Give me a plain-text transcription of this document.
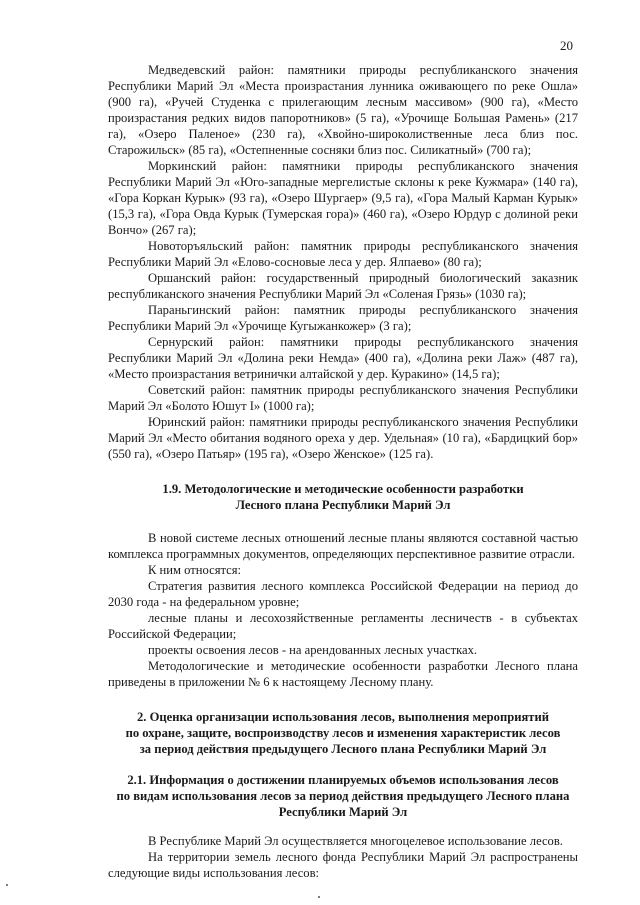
20

Медведевский район: памятники природы республиканского значения Республики Марий Эл «Места произрастания лунника оживающего по реке Ошла» (900 га), «Ручей Студенка с прилегающим лесным массивом» (900 га), «Место произрастания редких видов папоротников» (5 га), «Урочище Большая Рамень» (217 га), «Озеро Паленое» (230 га), «Хвойно-широколиственные леса близ пос. Старожильск» (85 га), «Остепненные сосняки близ пос. Силикатный» (700 га);

Моркинский район: памятники природы республиканского значения Республики Марий Эл «Юго-западные мергелистые склоны к реке Кужмара» (140 га), «Гора Коркан Курык» (93 га), «Озеро Шургаер» (9,5 га), «Гора Малый Карман Курык» (15,3 га), «Гора Овда Курык (Тумерская гора)» (460 га), «Озеро Юрдур с долиной реки Вончо» (267 га);

Новоторъяльский район: памятник природы республиканского значения Республики Марий Эл «Елово-сосновые леса у дер. Ялпаево» (80 га);

Оршанский район: государственный природный биологический заказник республиканского значения Республики Марий Эл «Соленая Грязь» (1030 га);

Параньгинский район: памятник природы республиканского значения Республики Марий Эл «Урочище Кугыжанкожер» (3 га);

Сернурский район: памятники природы республиканского значения Республики Марий Эл «Долина реки Немда» (400 га), «Долина реки Лаж» (487 га), «Место произрастания ветринички алтайской у дер. Куракино» (14,5 га);

Советский район: памятник природы республиканского значения Республики Марий Эл «Болото Юшут I» (1000 га);

Юринский район: памятники природы республиканского значения Республики Марий Эл «Место обитания водяного ореха у дер. Удельная» (10 га), «Бардицкий бор» (550 га), «Озеро Патьяр» (195 га), «Озеро Женское» (125 га).

1.9. Методологические и методические особенности разработки

Лесного плана Республики Марий Эл

В новой системе лесных отношений лесные планы являются составной частью комплекса программных документов, определяющих перспективное развитие отрасли.

К ним относятся:

Стратегия развития лесного комплекса Российской Федерации на период до 2030 года - на федеральном уровне;

лесные планы и лесохозяйственные регламенты лесничеств - в субъектах Российской Федерации;

проекты освоения лесов - на арендованных лесных участках.

Методологические и методические особенности разработки Лесного плана приведены в приложении № 6 к настоящему Лесному плану.

2. Оценка организации использования лесов, выполнения мероприятий

по охране, защите, воспроизводству лесов и изменения характеристик лесов

за период действия предыдущего Лесного плана Республики Марий Эл

2.1. Информация о достижении планируемых объемов использования лесов

по видам использования лесов за период действия предыдущего Лесного плана

Республики Марий Эл

В Республике Марий Эл осуществляется многоцелевое использование лесов.

На территории земель лесного фонда Республики Марий Эл распространены следующие виды использования лесов:
